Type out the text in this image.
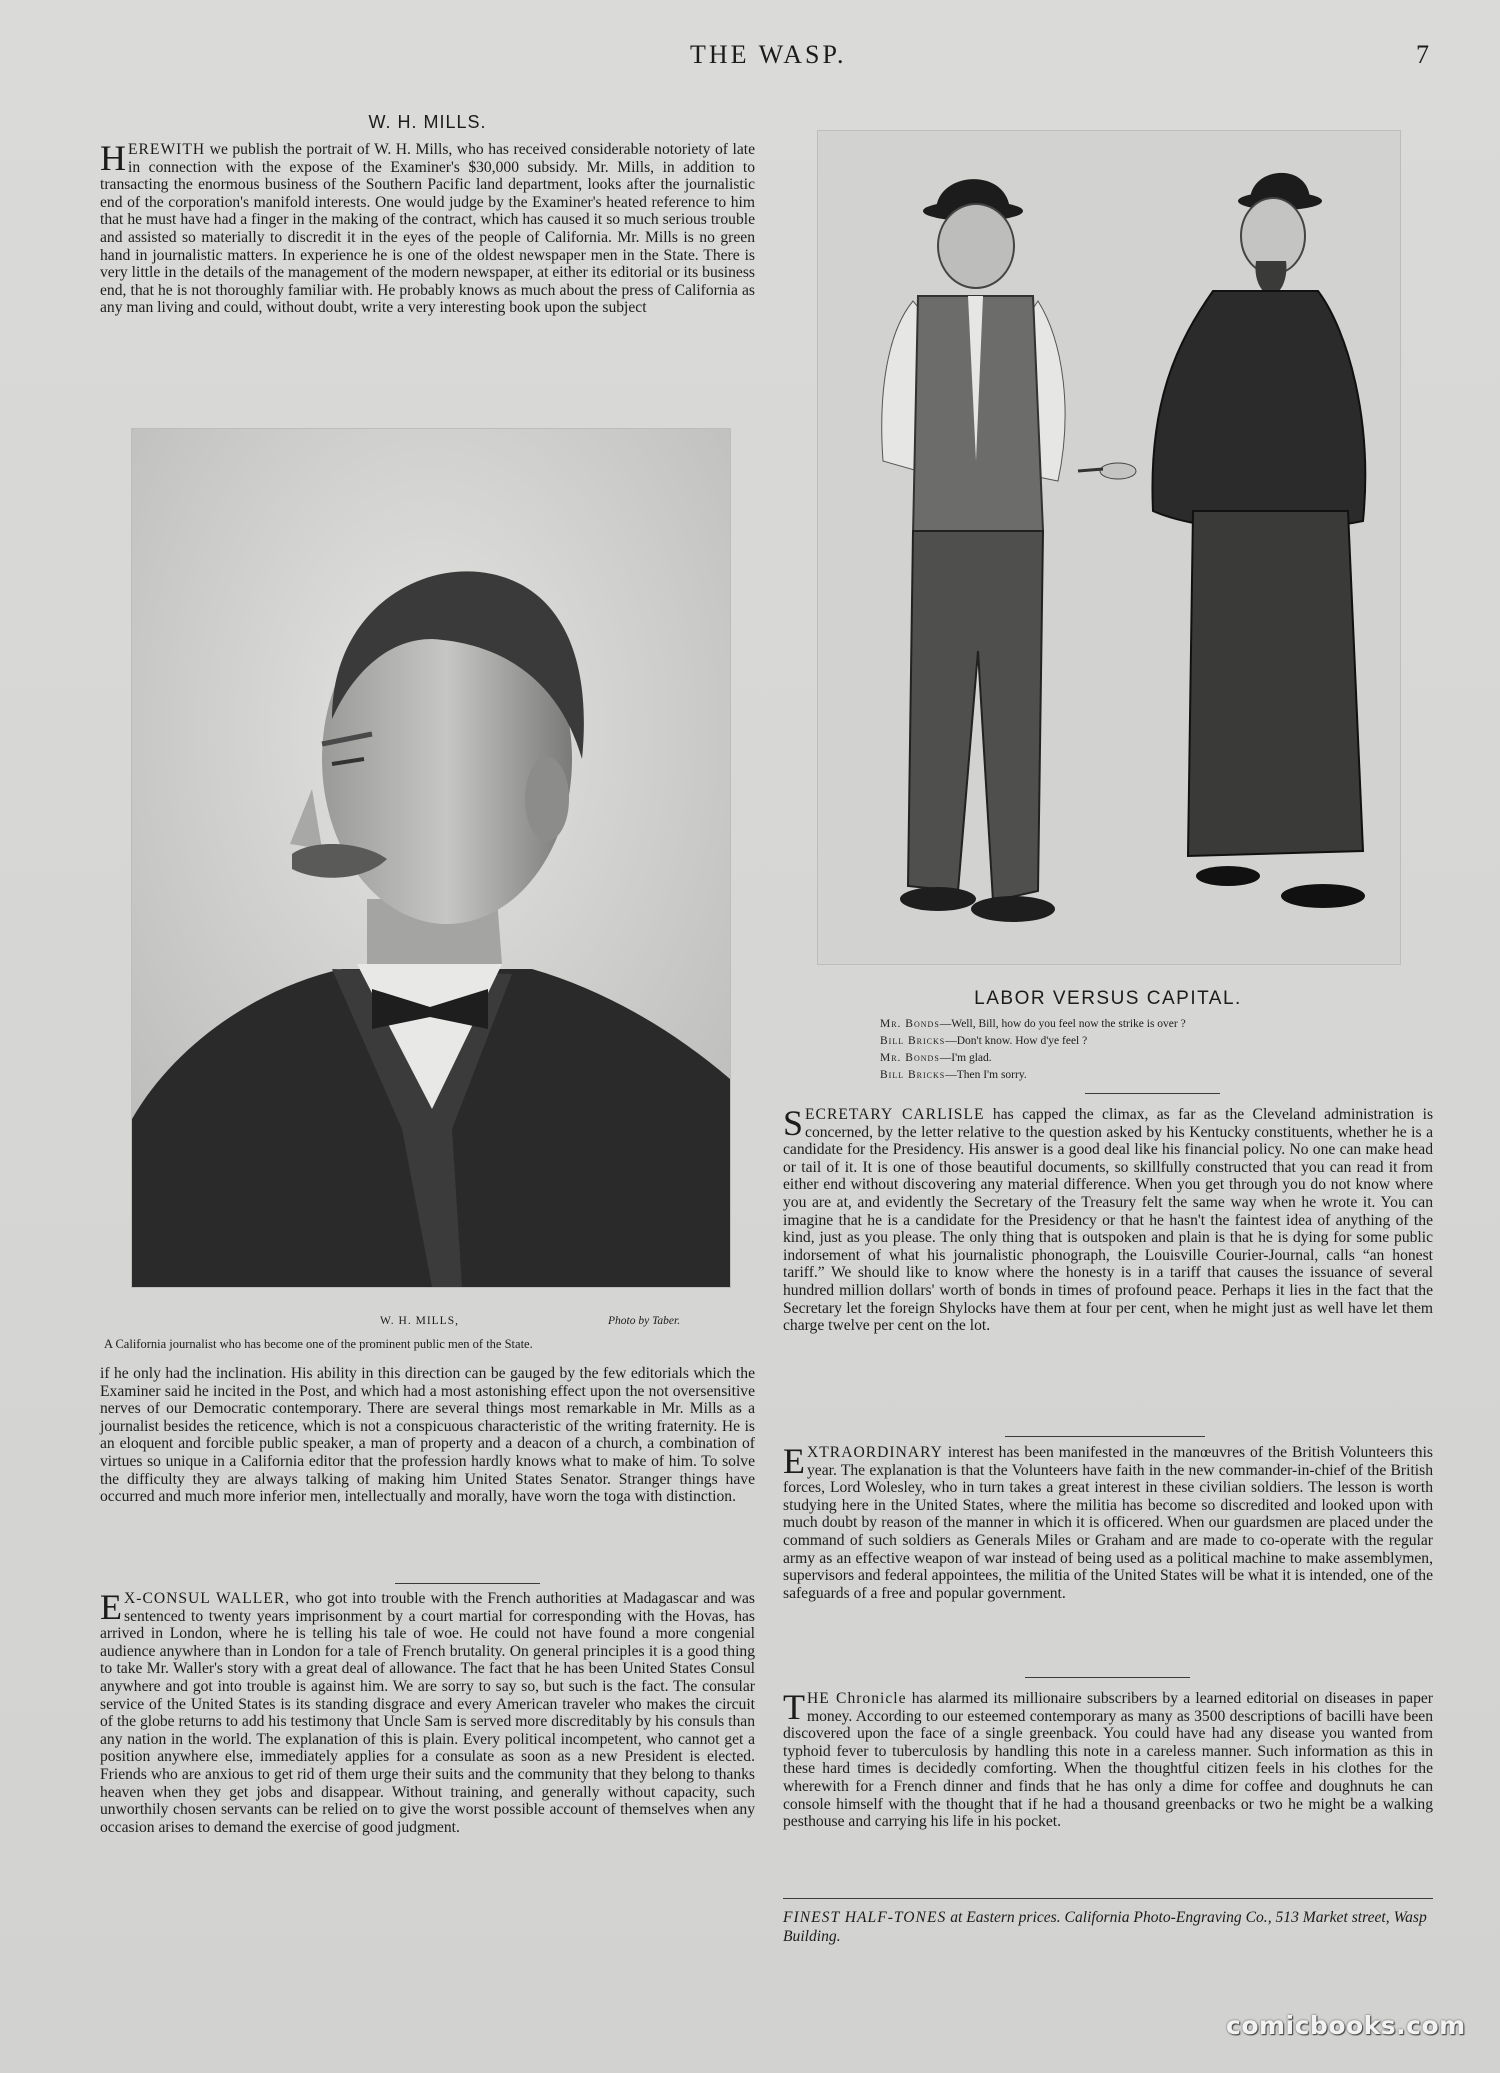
THE WASP.	7
W. H. MILLS.

HEREWITH we publish the portrait of W. H. Mills, who has received considerable notoriety of late in connection with the expose of the Examiner's $30,000 subsidy. Mr. Mills, in addition to transacting the enormous business of the Southern Pacific land department, looks after the journalistic end of the corporation's manifold interests. One would judge by the Examiner's heated reference to him that he must have had a finger in the making of the contract, which has caused it so much serious trouble and assisted so materially to discredit it in the eyes of the people of California. Mr. Mills is no green hand in journalistic matters. In experience he is one of the oldest newspaper men in the State. There is very little in the details of the management of the modern newspaper, at either its editorial or its business end, that he is not thoroughly familiar with. He probably knows as much about the press of California as any man living and could, without doubt, write a very interesting book upon the subject

W. H. MILLS,	Photo by Taber.
A California journalist who has become one of the prominent public men of the State.

if he only had the inclination. His ability in this direction can be gauged by the few editorials which the Examiner said he incited in the Post, and which had a most astonishing effect upon the not oversensitive nerves of our Democratic contemporary. There are several things most remarkable in Mr. Mills as a journalist besides the reticence, which is not a conspicuous characteristic of the writing fraternity. He is an eloquent and forcible public speaker, a man of property and a deacon of a church, a combination of virtues so unique in a California editor that the profession hardly knows what to make of him. To solve the difficulty they are always talking of making him United States Senator. Stranger things have occurred and much more inferior men, intellectually and morally, have worn the toga with distinction.

E X-CONSUL WALLER, who got into trouble with the French authorities at Madagascar and was sentenced to twenty years imprisonment by a court martial for corresponding with the Hovas, has arrived in London, where he is telling his tale of woe. He could not have found a more congenial audience anywhere than in London for a tale of French brutality. On general principles it is a good thing to take Mr. Waller's story with a great deal of allowance. The fact that he has been United States Consul anywhere and got into trouble is against him. We are sorry to say so, but such is the fact. The consular service of the United States is its standing disgrace and every American traveler who makes the circuit of the globe returns to add his testimony that Uncle Sam is served more discreditably by his consuls than any nation in the world. The explanation of this is plain. Every political incompetent, who cannot get a position anywhere else, immediately applies for a consulate as soon as a new President is elected. Friends who are anxious to get rid of them urge their suits and the community that they belong to thanks heaven when they get jobs and disappear. Without training, and generally without capacity, such unworthily chosen servants can be relied on to give the worst possible account of themselves when any occasion arises to demand the exercise of good judgment.

LABOR VERSUS CAPITAL.
Mr. Bonds—Well, Bill, how do you feel now the strike is over ?
Bill Bricks—Don't know. How d'ye feel ?
Mr. Bonds—I'm glad.
Bill Bricks—Then I'm sorry.

SECRETARY CARLISLE has capped the climax, as far as the Cleveland administration is concerned, by the letter relative to the question asked by his Kentucky constituents, whether he is a candidate for the Presidency. His answer is a good deal like his financial policy. No one can make head or tail of it. It is one of those beautiful documents, so skillfully constructed that you can read it from either end without discovering any material difference. When you get through you do not know where you are at, and evidently the Secretary of the Treasury felt the same way when he wrote it. You can imagine that he is a candidate for the Presidency or that he hasn't the faintest idea of anything of the kind, just as you please. The only thing that is outspoken and plain is that he is dying for some public indorsement of what his journalistic phonograph, the Louisville Courier-Journal, calls “an honest tariff.” We should like to know where the honesty is in a tariff that causes the issuance of several hundred million dollars' worth of bonds in times of profound peace. Perhaps it lies in the fact that the Secretary let the foreign Shylocks have them at four per cent, when he might just as well have let them charge twelve per cent on the lot.

EXTRAORDINARY interest has been manifested in the manœuvres of the British Volunteers this year. The explanation is that the Volunteers have faith in the new commander-in-chief of the British forces, Lord Wolesley, who in turn takes a great interest in these civilian soldiers. The lesson is worth studying here in the United States, where the militia has become so discredited and looked upon with much doubt by reason of the manner in which it is officered. When our guardsmen are placed under the command of such soldiers as Generals Miles or Graham and are made to co-operate with the regular army as an effective weapon of war instead of being used as a political machine to make assemblymen, supervisors and federal appointees, the militia of the United States will be what it is intended, one of the safeguards of a free and popular government.

THE Chronicle has alarmed its millionaire subscribers by a learned editorial on diseases in paper money. According to our esteemed contemporary as many as 3500 descriptions of bacilli have been discovered upon the face of a single greenback. You could have had any disease you wanted from typhoid fever to tuberculosis by handling this note in a careless manner. Such information as this in these hard times is decidedly comforting. When the thoughtful citizen feels in his clothes for the wherewith for a French dinner and finds that he has only a dime for coffee and doughnuts he can console himself with the thought that if he had a thousand greenbacks or two he might be a walking pesthouse and carrying his life in his pocket.

FINEST HALF-TONES at Eastern prices. California Photo-Engraving Co., 513 Market street, Wasp Building.
comicbooks.com
